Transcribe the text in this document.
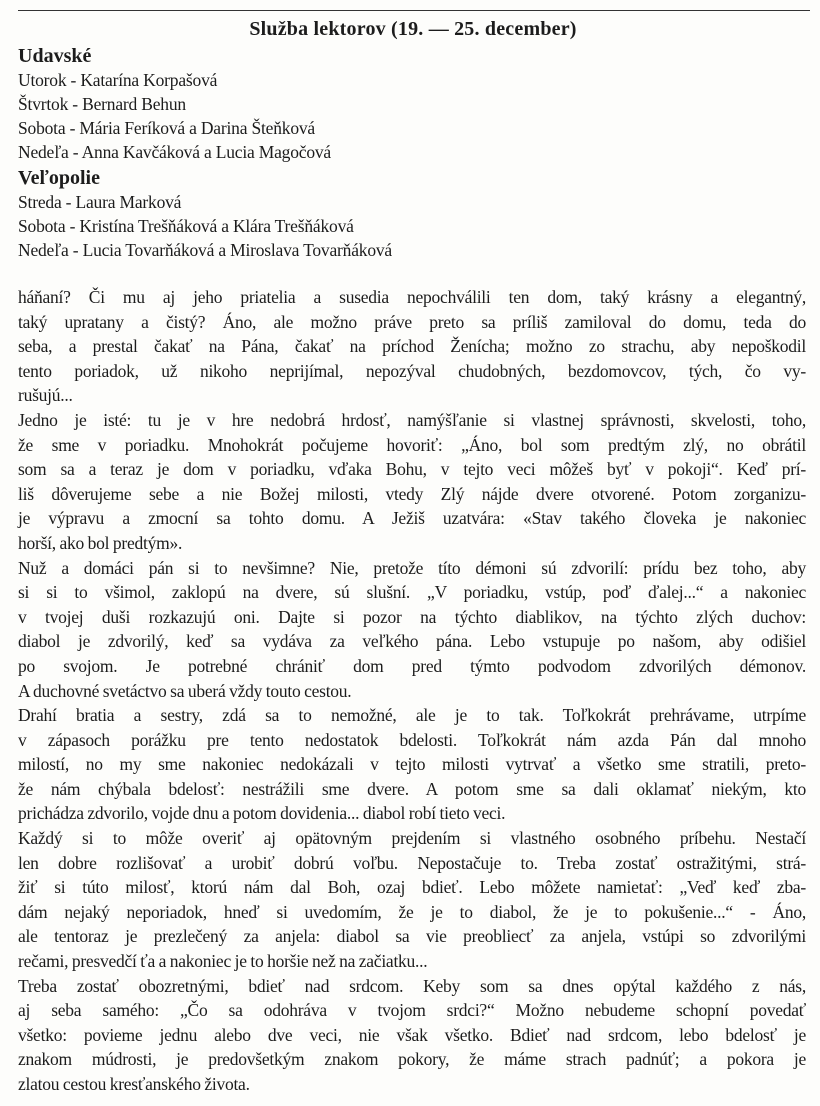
Služba lektorov (19. — 25. december)
Udavské
Utorok - Katarína Korpašová
Štvrtok - Bernard Behun
Sobota - Mária Feríková a Darina Šteňková
Nedeľa - Anna Kavčáková a Lucia Magočová
Veľopolie
Streda - Laura Marková
Sobota - Kristína Trešňáková a Klára Trešňáková
Nedeľa - Lucia Tovarňáková a Miroslava Tovarňáková

háňaní? Či mu aj jeho priatelia a susedia nepochválili ten dom, taký krásny a elegantný,
taký upratany a čistý? Áno, ale možno práve preto sa príliš zamiloval do domu, teda do
seba, a prestal čakať na Pána, čakať na príchod Ženícha; možno zo strachu, aby nepoškodil
tento poriadok, už nikoho neprijímal, nepozýval chudobných, bezdomovcov, tých, čo vy-
rušujú...

Jedno je isté: tu je v hre nedobrá hrdosť, namýšľanie si vlastnej správnosti, skvelosti, toho,
že sme v poriadku. Mnohokrát počujeme hovoriť: „Áno, bol som predtým zlý, no obrátil
som sa a teraz je dom v poriadku, vďaka Bohu, v tejto veci môžeš byť v pokoji“. Keď prí-
liš dôverujeme sebe a nie Božej milosti, vtedy Zlý nájde dvere otvorené. Potom zorganizu-
je výpravu a zmocní sa tohto domu. A Ježiš uzatvára: «Stav takého človeka je nakoniec
horší, ako bol predtým».

Nuž a domáci pán si to nevšimne? Nie, pretože títo démoni sú zdvorilí: prídu bez toho, aby
si si to všimol, zaklopú na dvere, sú slušní. „V poriadku, vstúp, poď ďalej...“ a nakoniec
v tvojej duši rozkazujú oni. Dajte si pozor na týchto diablikov, na týchto zlých duchov:
diabol je zdvorilý, keď sa vydáva za veľkého pána. Lebo vstupuje po našom, aby odišiel
po svojom. Je potrebné chrániť dom pred týmto podvodom zdvorilých démonov.
A duchovné svetáctvo sa uberá vždy touto cestou.

Drahí bratia a sestry, zdá sa to nemožné, ale je to tak. Toľkokrát prehrávame, utrpíme
v zápasoch porážku pre tento nedostatok bdelosti. Toľkokrát nám azda Pán dal mnoho
milostí, no my sme nakoniec nedokázali v tejto milosti vytrvať a všetko sme stratili, preto-
že nám chýbala bdelosť: nestrážili sme dvere. A potom sme sa dali oklamať niekým, kto
prichádza zdvorilo, vojde dnu a potom dovidenia... diabol robí tieto veci.

Každý si to môže overiť aj opätovným prejdením si vlastného osobného príbehu. Nestačí
len dobre rozlišovať a urobiť dobrú voľbu. Nepostačuje to. Treba zostať ostražitými, strá-
žiť si túto milosť, ktorú nám dal Boh, ozaj bdieť. Lebo môžete namietať: „Veď keď zba-
dám nejaký neporiadok, hneď si uvedomím, že je to diabol, že je to pokušenie...“ - Áno,
ale tentoraz je prezlečený za anjela: diabol sa vie preobliecť za anjela, vstúpi so zdvorilými
rečami, presvedčí ťa a nakoniec je to horšie než na začiatku...

Treba zostať obozretnými, bdieť nad srdcom. Keby som sa dnes opýtal každého z nás,
aj seba samého: „Čo sa odohráva v tvojom srdci?“ Možno nebudeme schopní povedať
všetko: povieme jednu alebo dve veci, nie však všetko. Bdieť nad srdcom, lebo bdelosť je
znakom múdrosti, je predovšetkým znakom pokory, že máme strach padnúť; a pokora je
zlatou cestou kresťanského života.
